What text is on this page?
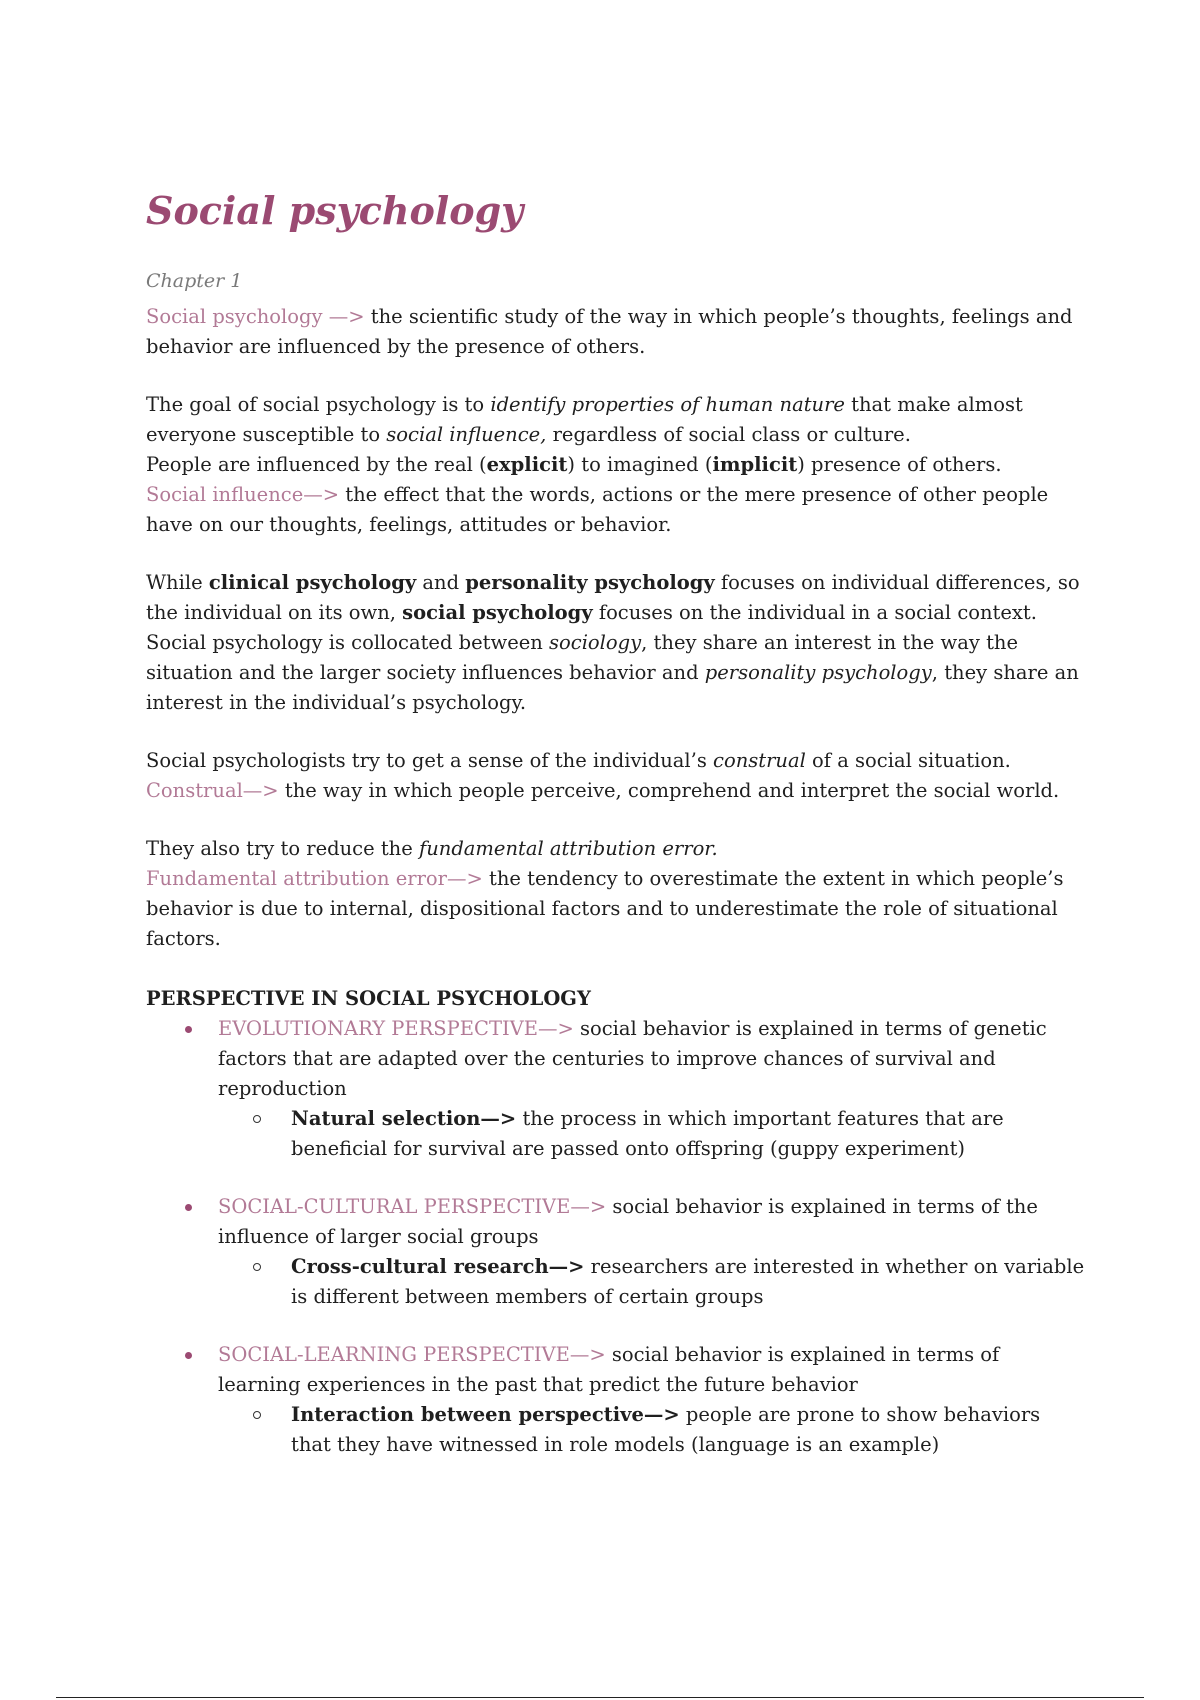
Social psychology

Chapter 1

Social psychology —> the scientific study of the way in which people’s thoughts, feelings and behavior are influenced by the presence of others.

The goal of social psychology is to identify properties of human nature that make almost everyone susceptible to social influence, regardless of social class or culture.

People are influenced by the real (explicit) to imagined (implicit) presence of others.

Social influence—> the effect that the words, actions or the mere presence of other people have on our thoughts, feelings, attitudes or behavior.

While clinical psychology and personality psychology focuses on individual differences, so the individual on its own, social psychology focuses on the individual in a social context.

Social psychology is collocated between sociology, they share an interest in the way the situation and the larger society influences behavior and personality psychology, they share an interest in the individual’s psychology.

Social psychologists try to get a sense of the individual’s construal of a social situation.

Construal—> the way in which people perceive, comprehend and interpret the social world.

They also try to reduce the fundamental attribution error.

Fundamental attribution error—> the tendency to overestimate the extent in which people’s behavior is due to internal, dispositional factors and to underestimate the role of situational factors.

PERSPECTIVE IN SOCIAL PSYCHOLOGY

EVOLUTIONARY PERSPECTIVE—> social behavior is explained in terms of genetic factors that are adapted over the centuries to improve chances of survival and reproduction
Natural selection—> the process in which important features that are beneficial for survival are passed onto offspring (guppy experiment)
SOCIAL-CULTURAL PERSPECTIVE—> social behavior is explained in terms of the influence of larger social groups
Cross-cultural research—> researchers are interested in whether on variable is different between members of certain groups
SOCIAL-LEARNING PERSPECTIVE—> social behavior is explained in terms of learning experiences in the past that predict the future behavior
Interaction between perspective—> people are prone to show behaviors that they have witnessed in role models (language is an example)
